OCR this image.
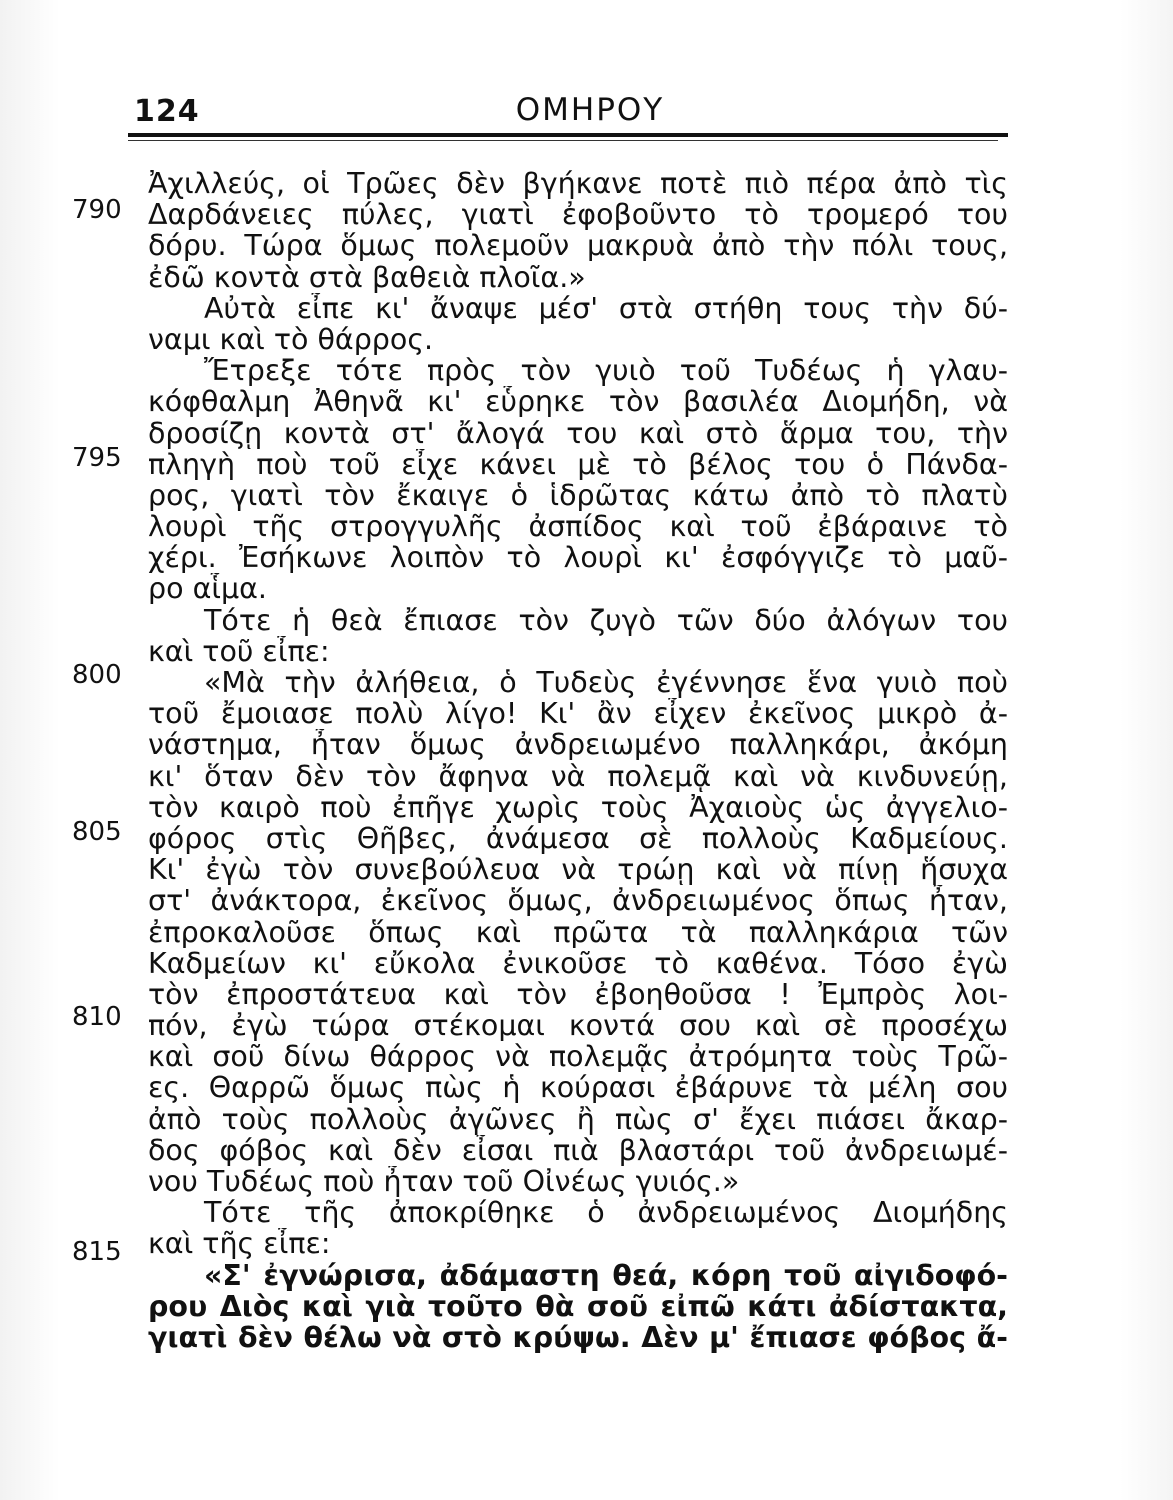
124	ΟΜΗΡΟΥ
790
795
800
805
810
815
Ἀχιλλεύς, οἱ Τρῶες δὲν βγήκανε ποτὲ πιὸ πέρα ἀπὸ τὶς
Δαρδάνειες πύλες, γιατὶ ἐφοβοῦντο τὸ τρομερό του
δόρυ. Τώρα ὅμως πολεμοῦν μακρυὰ ἀπὸ τὴν πόλι τους,
ἐδῶ κοντὰ στὰ βαθειὰ πλοῖα.»
Αὐτὰ εἶπε κι' ἄναψε μέσ' στὰ στήθη τους τὴν δύ-
ναμι καὶ τὸ θάρρος.
Ἔτρεξε τότε πρὸς τὸν γυιὸ τοῦ Τυδέως ἡ γλαυ-
κόφθαλμη Ἀθηνᾶ κι' εὗρηκε τὸν βασιλέα Διομήδη, νὰ
δροσίζῃ κοντὰ στ' ἄλογά του καὶ στὸ ἅρμα του, τὴν
πληγὴ ποὺ τοῦ εἶχε κάνει μὲ τὸ βέλος του ὁ Πάνδα-
ρος, γιατὶ τὸν ἔκαιγε ὁ ἱδρῶτας κάτω ἀπὸ τὸ πλατὺ
λουρὶ τῆς στρογγυλῆς ἀσπίδος καὶ τοῦ ἐβάραινε τὸ
χέρι. Ἐσήκωνε λοιπὸν τὸ λουρὶ κι' ἐσφόγγιζε τὸ μαῦ-
ρο αἷμα.
Τότε ἡ θεὰ ἔπιασε τὸν ζυγὸ τῶν δύο ἀλόγων του
καὶ τοῦ εἶπε:
«Μὰ τὴν ἀλήθεια, ὁ Τυδεὺς ἐγέννησε ἕνα γυιὸ ποὺ
τοῦ ἔμοιασε πολὺ λίγο! Κι' ἂν εἶχεν ἐκεῖνος μικρὸ ἀ-
νάστημα, ἦταν ὅμως ἀνδρειωμένο παλληκάρι, ἀκόμη
κι' ὅταν δὲν τὸν ἄφηνα νὰ πολεμᾷ καὶ νὰ κινδυνεύῃ,
τὸν καιρὸ ποὺ ἐπῆγε χωρὶς τοὺς Ἀχαιοὺς ὡς ἀγγελιο-
φόρος στὶς Θῆβες, ἀνάμεσα σὲ πολλοὺς Καδμείους.
Κι' ἐγὼ τὸν συνεβούλευα νὰ τρώῃ καὶ νὰ πίνῃ ἥσυχα
στ' ἀνάκτορα, ἐκεῖνος ὅμως, ἀνδρειωμένος ὅπως ἦταν,
ἐπροκαλοῦσε ὅπως καὶ πρῶτα τὰ παλληκάρια τῶν
Καδμείων κι' εὔκολα ἐνικοῦσε τὸ καθένα. Τόσο ἐγὼ
τὸν ἐπροστάτευα καὶ τὸν ἐβοηθοῦσα ! Ἐμπρὸς λοι-
πόν, ἐγὼ τώρα στέκομαι κοντά σου καὶ σὲ προσέχω
καὶ σοῦ δίνω θάρρος νὰ πολεμᾷς ἀτρόμητα τοὺς Τρῶ-
ες. Θαρρῶ ὅμως πὼς ἡ κούρασι ἐβάρυνε τὰ μέλη σου
ἀπὸ τοὺς πολλοὺς ἀγῶνες ἢ πὼς σ' ἔχει πιάσει ἄκαρ-
δος φόβος καὶ δὲν εἶσαι πιὰ βλαστάρι τοῦ ἀνδρειωμέ-
νου Τυδέως ποὺ ἦταν τοῦ Οἰνέως γυιός.»
Τότε τῆς ἀποκρίθηκε ὁ ἀνδρειωμένος Διομήδης
καὶ τῆς εἶπε:
«Σ' ἐγνώρισα, ἀδάμαστη θεά, κόρη τοῦ αἰγιδοφό-
ρου Διὸς καὶ γιὰ τοῦτο θὰ σοῦ εἰπῶ κάτι ἀδίστακτα,
γιατὶ δὲν θέλω νὰ στὸ κρύψω. Δὲν μ' ἔπιασε φόβος ἄ-
